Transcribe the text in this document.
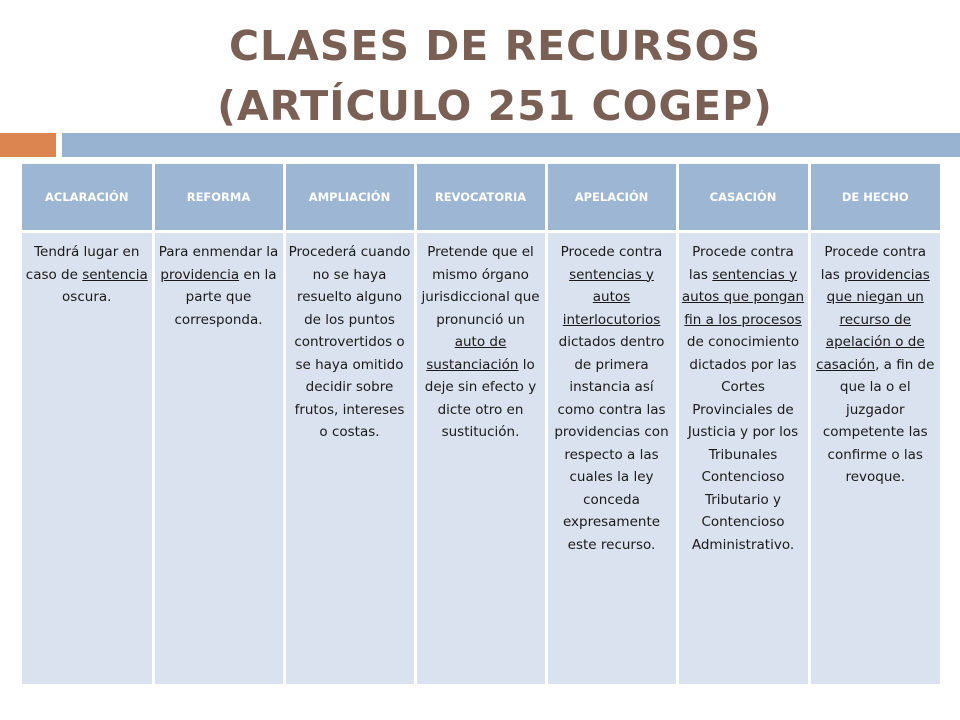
CLASES DE RECURSOS
(ARTÍCULO 251 COGEP)
ACLARACIÓN	REFORMA	AMPLIACIÓN	REVOCATORIA	APELACIÓN	CASACIÓN	DE HECHO
Tendrá lugar en caso de sentencia oscura.	Para enmendar la providencia en la parte que corresponda.	Procederá cuando no se haya resuelto alguno de los puntos controvertidos o se haya omitido decidir sobre frutos, intereses o costas.	Pretende que el mismo órgano jurisdiccional que pronunció un auto de sustanciación lo deje sin efecto y dicte otro en sustitución.	Procede contra sentencias y autos interlocutorios dictados dentro de primera instancia así como contra las providencias con respecto a las cuales la ley conceda expresamente este recurso.	Procede contra las sentencias y autos que pongan fin a los procesos de conocimiento dictados por las Cortes Provinciales de Justicia y por los Tribunales Contencioso Tributario y Contencioso Administrativo.	Procede contra las providencias que niegan un recurso de apelación o de casación, a fin de que la o el juzgador competente las confirme o las revoque.
